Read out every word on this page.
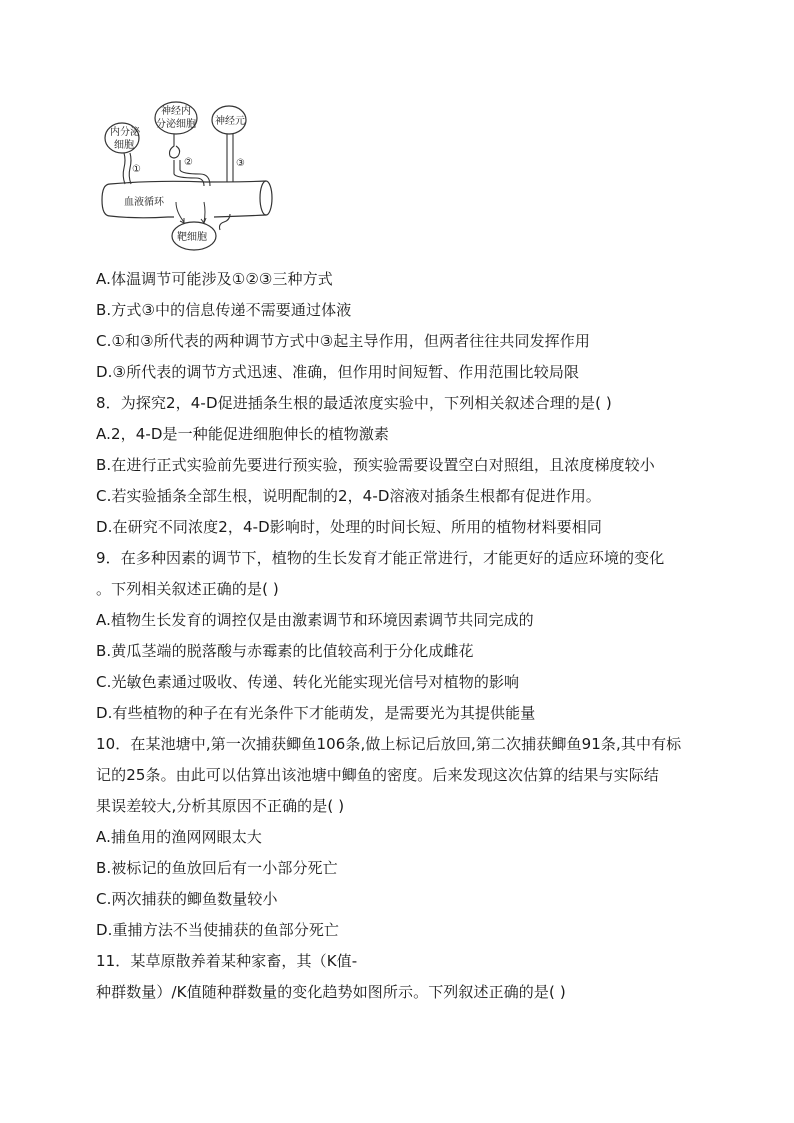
内分泌
细胞
神经内
分泌细胞 神经元
①
②	③
血液循环
靶细胞
A.体温调节可能涉及①②③三种方式
B.方式③中的信息传递不需要通过体液
C.①和③所代表的两种调节方式中③起主导作用，但两者往往共同发挥作用
D.③所代表的调节方式迅速、准确，但作用时间短暂、作用范围比较局限
8．为探究2，4-D促进插条生根的最适浓度实验中，下列相关叙述合理的是( )
A.2，4-D是一种能促进细胞伸长的植物激素
B.在进行正式实验前先要进行预实验，预实验需要设置空白对照组，且浓度梯度较小
C.若实验插条全部生根，说明配制的2，4-D溶液对插条生根都有促进作用。
D.在研究不同浓度2，4-D影响时，处理的时间长短、所用的植物材料要相同
9．在多种因素的调节下，植物的生长发育才能正常进行，才能更好的适应环境的变化
。下列相关叙述正确的是( )
A.植物生长发育的调控仅是由激素调节和环境因素调节共同完成的
B.黄瓜茎端的脱落酸与赤霉素的比值较高利于分化成雌花
C.光敏色素通过吸收、传递、转化光能实现光信号对植物的影响
D.有些植物的种子在有光条件下才能萌发，是需要光为其提供能量
10．在某池塘中,第一次捕获鲫鱼106条,做上标记后放回,第二次捕获鲫鱼91条,其中有标
记的25条。由此可以估算出该池塘中鲫鱼的密度。后来发现这次估算的结果与实际结
果误差较大,分析其原因不正确的是( )
A.捕鱼用的渔网网眼太大
B.被标记的鱼放回后有一小部分死亡
C.两次捕获的鲫鱼数量较小
D.重捕方法不当使捕获的鱼部分死亡
11．某草原散养着某种家畜，其（K值-
种群数量）/K值随种群数量的变化趋势如图所示。下列叙述正确的是( )
